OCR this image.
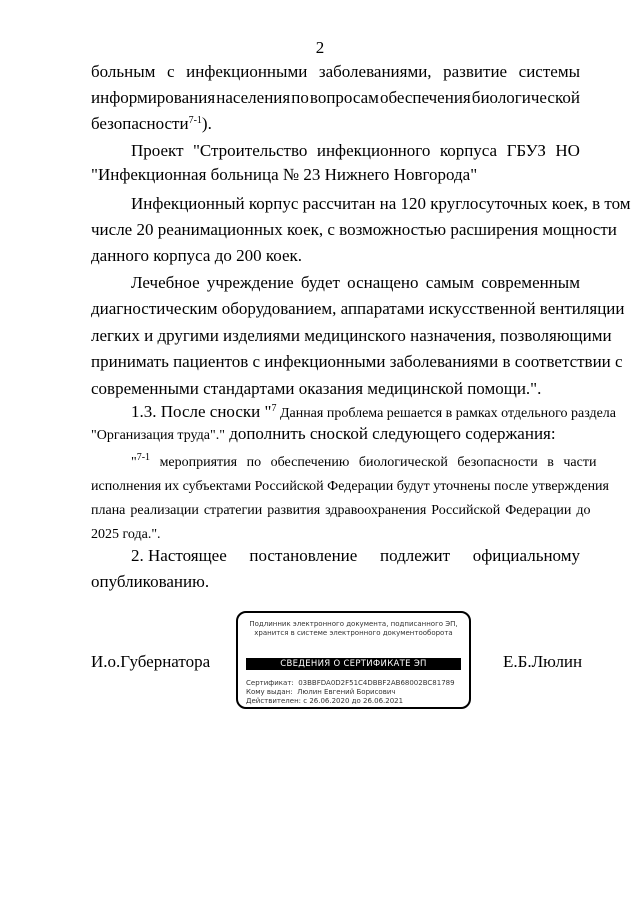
2
больным с инфекционными заболеваниями, развитие системы
информирования населения по вопросам обеспечения биологической
безопасности$^{7-1}$).
Проект "Строительство инфекционного корпуса ГБУЗ НО
"Инфекционная больница № 23 Нижнего Новгорода"
Инфекционный корпус рассчитан на 120 круглосуточных коек, в том
числе 20 реанимационных коек, с возможностью расширения мощности
данного корпуса до 200 коек.
Лечебное учреждение будет оснащено самым современным
диагностическим оборудованием, аппаратами искусственной вентиляции
легких и другими изделиями медицинского назначения, позволяющими
принимать пациентов с инфекционными заболеваниями в соответствии с
современными стандартами оказания медицинской помощи.".
1.3. После сноски "$^7$ Данная проблема решается в рамках отдельного раздела
"Организация труда"." дополнить сноской следующего содержания:
"$^{7-1}$ мероприятия по обеспечению биологической безопасности в части
исполнения их субъектами Российской Федерации будут уточнены после утверждения
плана реализации стратегии развития здравоохранения Российской Федерации до
2025 года.".
2. Настоящее постановление подлежит официальному
опубликованию.
И.о.Губернатора	Е.Б.Люлин
Подлинник электронного документа, подписанного ЭП,
хранится в системе электронного документооборота
СВЕДЕНИЯ О СЕРТИФИКАТЕ ЭП
Сертификат: 03BBFDA0D2F51C4DBBF2AB68002BC81789
Кому выдан: Люлин Евгений Борисович
Действителен: с 26.06.2020 до 26.06.2021
